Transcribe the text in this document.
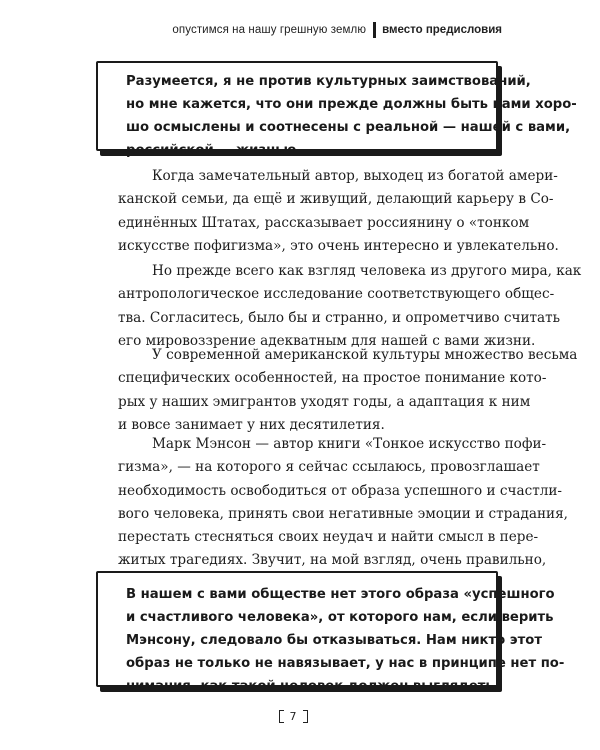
опустимся на нашу грешную землю вместо предисловия
Разумеется, я не против культурных заимствований,
но мне кажется, что они прежде должны быть нами хоро-
шо осмыслены и соотнесены с реальной — нашей с вами,
российской — жизнью.
Когда замечательный автор, выходец из богатой амери-
канской семьи, да ещё и живущий, делающий карьеру в Со-
единённых Штатах, рассказывает россиянину о «тонком
искусстве пофигизма», это очень интересно и увлекательно.
Но прежде всего как взгляд человека из другого мира, как
антропологическое исследование соответствующего общес-
тва. Согласитесь, было бы и странно, и опрометчиво считать
его мировоззрение адекватным для нашей с вами жизни.
У современной американской культуры множество весьма
специфических особенностей, на простое понимание кото-
рых у наших эмигрантов уходят годы, а адаптация к ним
и вовсе занимает у них десятилетия.
Марк Мэнсон — автор книги «Тонкое искусство пофи-
гизма», — на которого я сейчас ссылаюсь, провозглашает
необходимость освободиться от образа успешного и счастли-
вого человека, принять свои негативные эмоции и страдания,
перестать стесняться своих неудач и найти смысл в пере-
житых трагедиях. Звучит, на мой взгляд, очень правильно,
В нашем с вами обществе нет этого образа «успешного
и счастливого человека», от которого нам, если верить
Мэнсону, следовало бы отказываться. Нам никто этот
образ не только не навязывает, у нас в принципе нет по-
нимания, как такой человек должен выглядеть.
7
